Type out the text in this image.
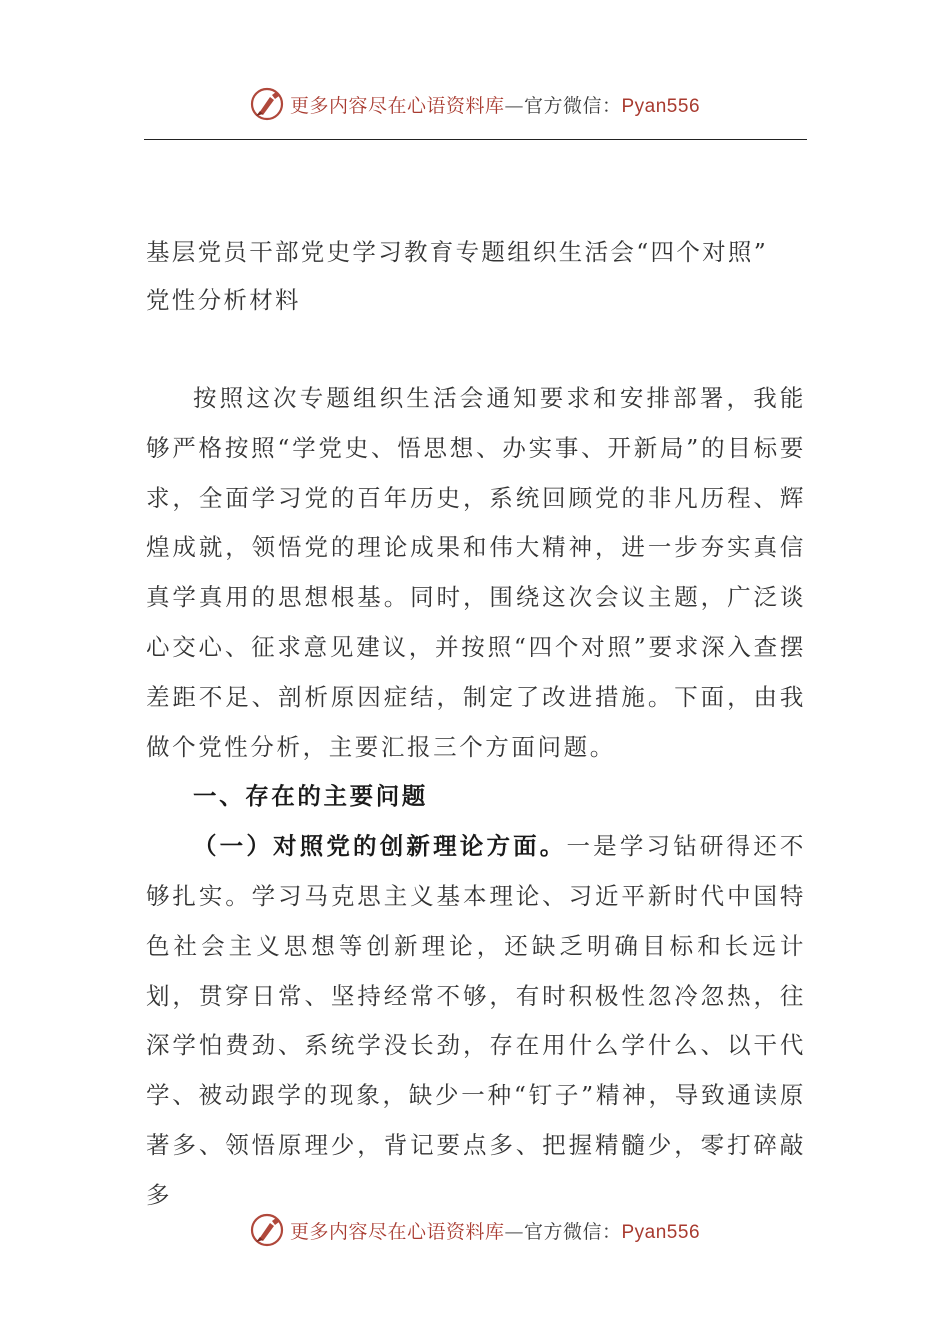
更多内容尽在心语资料库—官方微信：Pyan556

基层党员干部党史学习教育专题组织生活会“四个对照”

党性分析材料

按照这次专题组织生活会通知要求和安排部署，我能够严格按照“学党史、悟思想、办实事、开新局”的目标要求，全面学习党的百年历史，系统回顾党的非凡历程、辉煌成就，领悟党的理论成果和伟大精神，进一步夯实真信真学真用的思想根基。同时，围绕这次会议主题，广泛谈心交心、征求意见建议，并按照“四个对照”要求深入查摆差距不足、剖析原因症结，制定了改进措施。下面，由我做个党性分析，主要汇报三个方面问题。

一、存在的主要问题

（一）对照党的创新理论方面。一是学习钻研得还不够扎实。学习马克思主义基本理论、习近平新时代中国特色社会主义思想等创新理论，还缺乏明确目标和长远计划，贯穿日常、坚持经常不够，有时积极性忽冷忽热，往深学怕费劲、系统学没长劲，存在用什么学什么、以干代学、被动跟学的现象，缺少一种“钉子”精神，导致通读原著多、领悟原理少，背记要点多、把握精髓少，零打碎敲多

更多内容尽在心语资料库—官方微信：Pyan556
